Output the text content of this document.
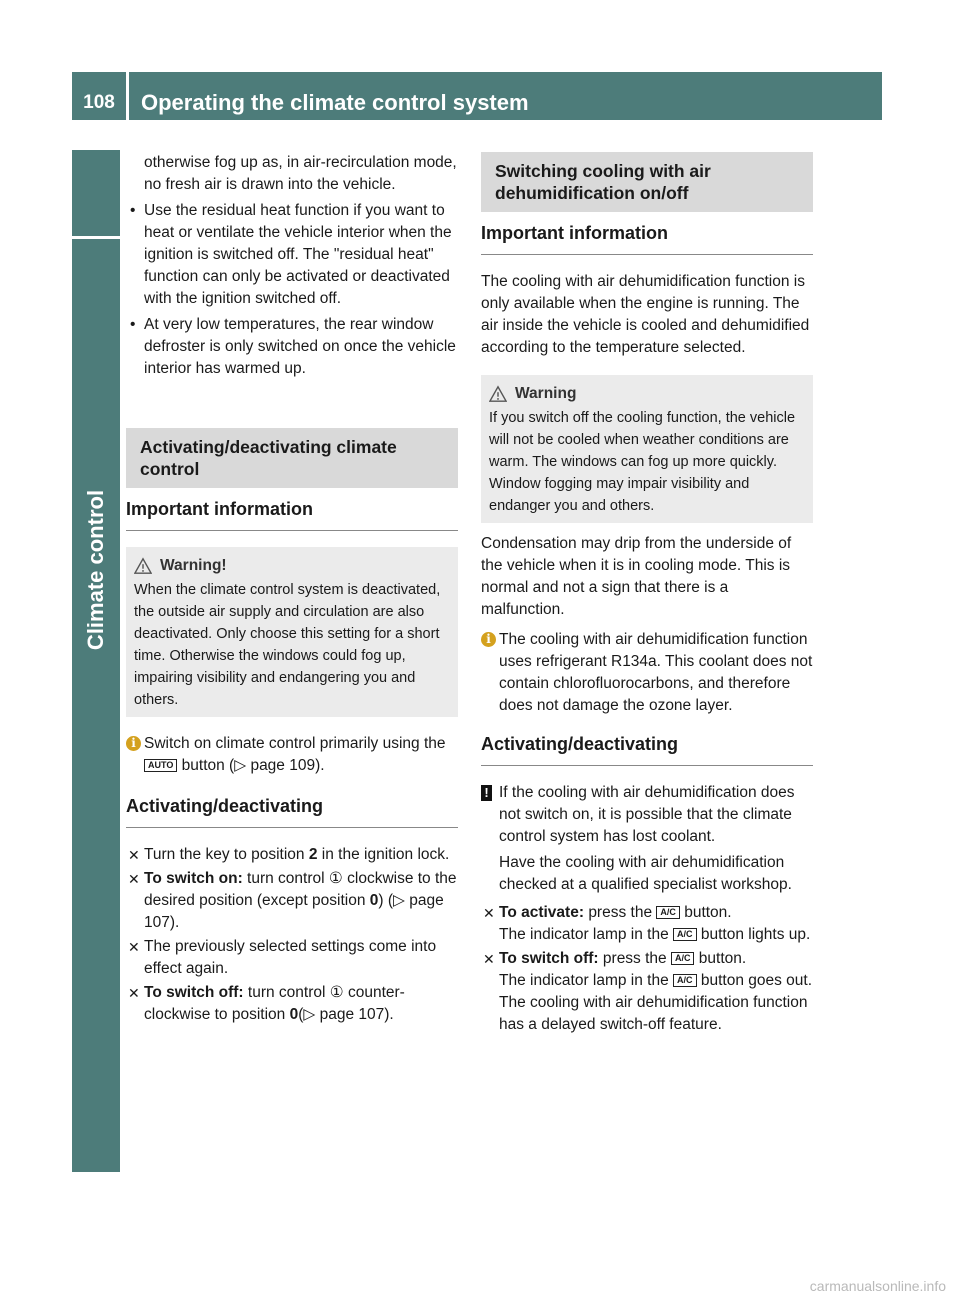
108	Operating the climate control system
Climate control

otherwise fog up as, in air-recirculation mode, no fresh air is drawn into the vehicle.

• Use the residual heat function if you want to heat or ventilate the vehicle interior when the ignition is switched off. The "residual heat" function can only be activated or deactivated with the ignition switched off.
• At very low temperatures, the rear window defroster is only switched on once the vehicle interior has warmed up.
Activating/deactivating climate control
Important information
Warning!

When the climate control system is deactivated, the outside air supply and circulation are also deactivated. Only choose this setting for a short time. Otherwise the windows could fog up, impairing visibility and endangering you and others.

i Switch on climate control primarily using the AUTO button (▷ page 109).
Activating/deactivating
✕ Turn the key to position 2 in the ignition lock.
✕ To switch on: turn control ① clockwise to the desired position (except position 0) (▷ page 107).
✕ The previously selected settings come into effect again.
✕ To switch off: turn control ① counter-clockwise to position 0(▷ page 107).
Switching cooling with air dehumidification on/off
Important information

The cooling with air dehumidification function is only available when the engine is running. The air inside the vehicle is cooled and dehumidified according to the temperature selected.

Warning

If you switch off the cooling function, the vehicle will not be cooled when weather conditions are warm. The windows can fog up more quickly. Window fogging may impair visibility and endanger you and others.

Condensation may drip from the underside of the vehicle when it is in cooling mode. This is normal and not a sign that there is a malfunction.

i The cooling with air dehumidification function uses refrigerant R134a. This coolant does not contain chlorofluorocarbons, and therefore does not damage the ozone layer.
Activating/deactivating
! If the cooling with air dehumidification does not switch on, it is possible that the climate control system has lost coolant.

Have the cooling with air dehumidification checked at a qualified specialist workshop.

✕ To activate: press the A/C button.
The indicator lamp in the A/C button lights up.
✕ To switch off: press the A/C button.
The indicator lamp in the A/C button goes out. The cooling with air dehumidification function has a delayed switch-off feature.
carmanualsonline.info
